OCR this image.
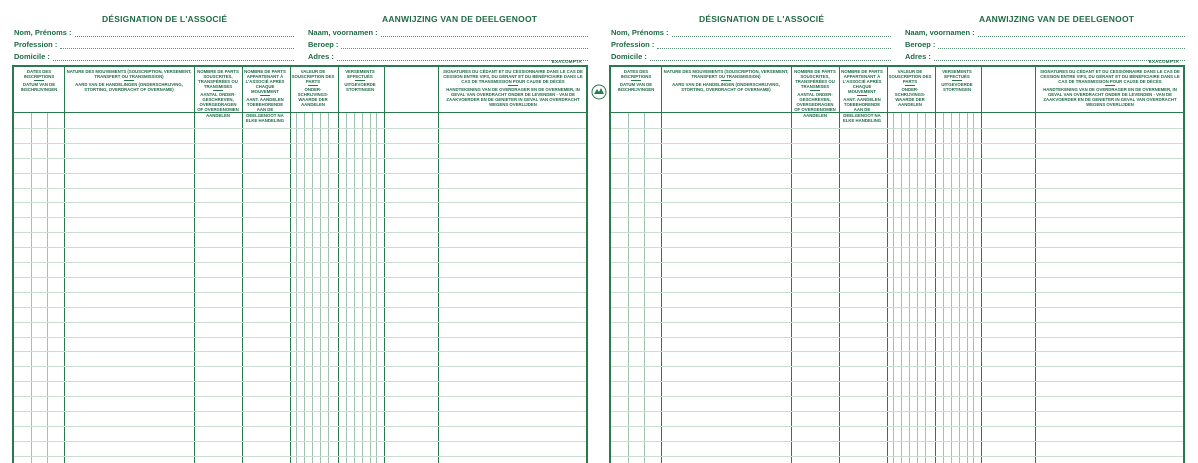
DÉSIGNATION DE L'ASSOCIÉ	AANWIJZING VAN DE DEELGENOOT
Nom, Prénoms :
Profession :
Domicile :
Naam, voornamen :
Beroep :
Adres :
EXACOMPTA
DATES DES INSCRIPTIONS
DATUM VAN DE INSCHRIJVINGEN
NATURE DES MOUVEMENTS (SOUSCRIPTION, VERSEMENT, TRANSFERT OU TRANSMISSION)
AARD VAN DE HANDELINGEN (ONDERSCHRIJVING, STORTING, OVERDRACHT OF OVERNAME)
NOMBRE DE PARTS SOUSCRITES, TRANSFÉRÉES OU TRANSMISES
AANTAL ONDER-GESCHREVEN, OVERGEDRAGEN OF OVERGENOMEN AANDELEN
NOMBRE DE PARTS APPARTENANT À L'ASSOCIÉ APRÈS CHAQUE MOUVEMENT
AANT. AANDELEN TOEBEHORENDE AAN DE DEELGENOOT NA ELKE HANDELING
VALEUR DE SOUSCRIPTION DES PARTS
ONDER-SCHRIJVINGS-WAARDE DER AANDELEN
VERSEMENTS EFFECTUÉS
UITGEVOERDE STORTINGEN
SIGNATURES DU CÉDANT ET DU CESSIONNAIRE DANS LE CAS DE CESSION ENTRE VIFS, DU GÉRANT ET DU BÉNÉFICIAIRE DANS LE CAS DE TRANSMISSION POUR CAUSE DE DÉCÈS
HANDTEKENING VAN DE OVERDRAGER EN DE OVERNEMER, IN GEVAL VAN OVERDRACHT ONDER DE LEVENDEN - VAN DE ZAAKVOERDER EN DE GENIETER IN GEVAL VAN OVERDRACHT WEGENS OVERLIJDEN
DÉSIGNATION DE L'ASSOCIÉ	AANWIJZING VAN DE DEELGENOOT
Nom, Prénoms :
Profession :
Domicile :
Naam, voornamen :
Beroep :
Adres :
EXACOMPTA
DATES DES INSCRIPTIONS
DATUM VAN DE INSCHRIJVINGEN
NATURE DES MOUVEMENTS (SOUSCRIPTION, VERSEMENT, TRANSFERT OU TRANSMISSION)
AARD VAN DE HANDELINGEN (ONDERSCHRIJVING, STORTING, OVERDRACHT OF OVERNAME)
NOMBRE DE PARTS SOUSCRITES, TRANSFÉRÉES OU TRANSMISES
AANTAL ONDER-GESCHREVEN, OVERGEDRAGEN OF OVERGENOMEN AANDELEN
NOMBRE DE PARTS APPARTENANT À L'ASSOCIÉ APRÈS CHAQUE MOUVEMENT
AANT. AANDELEN TOEBEHORENDE AAN DE DEELGENOOT NA ELKE HANDELING
VALEUR DE SOUSCRIPTION DES PARTS
ONDER-SCHRIJVINGS-WAARDE DER AANDELEN
VERSEMENTS EFFECTUÉS
UITGEVOERDE STORTINGEN
SIGNATURES DU CÉDANT ET DU CESSIONNAIRE DANS LE CAS DE CESSION ENTRE VIFS, DU GÉRANT ET DU BÉNÉFICIAIRE DANS LE CAS DE TRANSMISSION POUR CAUSE DE DÉCÈS
HANDTEKENING VAN DE OVERDRAGER EN DE OVERNEMER, IN GEVAL VAN OVERDRACHT ONDER DE LEVENDEN - VAN DE ZAAKVOERDER EN DE GENIETER IN GEVAL VAN OVERDRACHT WEGENS OVERLIJDEN
